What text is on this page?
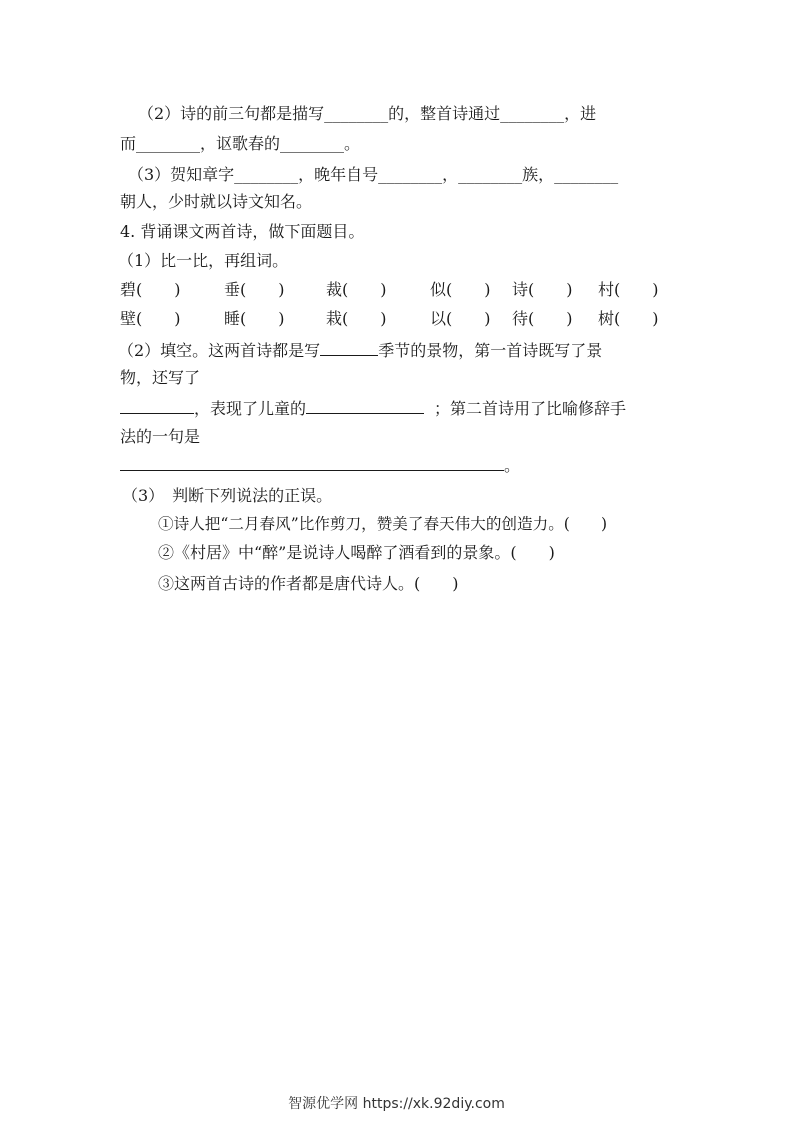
（2）诗的前三句都是描写________的，整首诗通过________，进
而________，讴歌春的________。
（3）贺知章字________，晚年自号________，________族，________
朝人，少时就以诗文知名。
4. 背诵课文两首诗，做下面题目。
（1）比一比，再组词。
碧(　　)	垂(　　)	裁(　　)	似(　　) 诗(　　) 村(　　)
壁(　　)	睡(　　)	栽(　　)	以(　　) 待(　　) 树(　　)
（2）填空。这两首诗都是写	季节的景物，第一首诗既写了景
物，还写了
，表现了儿童的	；第二首诗用了比喻修辞手
法的一句是
。
（3）　判断下列说法的正误。
①诗人把“二月春风”比作剪刀，赞美了春天伟大的创造力。(　　)
②《村居》中“醉”是说诗人喝醉了酒看到的景象。(　　)
③这两首古诗的作者都是唐代诗人。(　　)
智源优学网 https://xk.92diy.com
